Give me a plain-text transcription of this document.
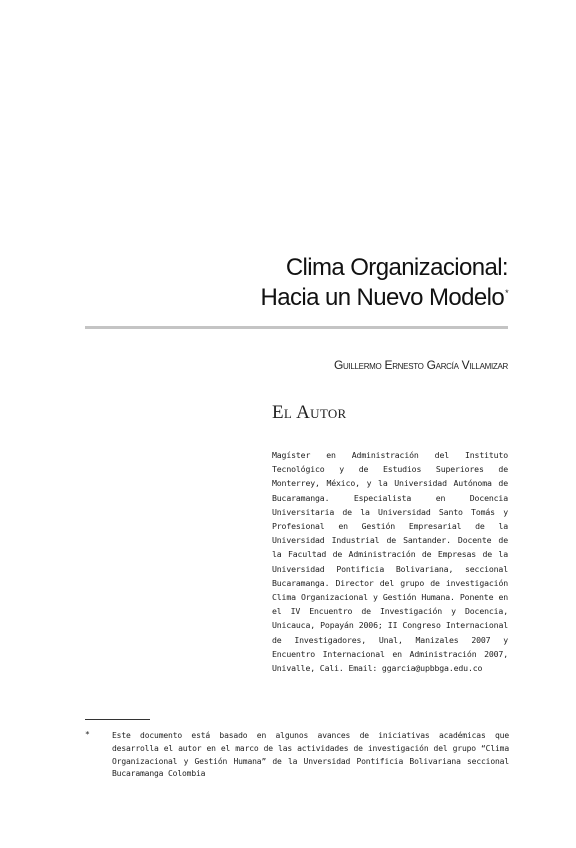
Clima Organizacional:
Hacia un Nuevo Modelo*
Guillermo Ernesto García Villamizar
El Autor
Magíster en Administración del Instituto Tecnológico y de Estudios Superiores de Monterrey, México, y la Universidad Autónoma de Bucaramanga. Especialista en Docencia Universitaria de la Universidad Santo Tomás y Profesional en Gestión Empresarial de la Universidad Industrial de Santander. Docente de la Facultad de Administración de Empresas de la Universidad Pontificia Bolivariana, seccional Bucaramanga. Director del grupo de investigación Clima Organizacional y Gestión Humana. Ponente en el IV Encuentro de Investigación y Docencia, Unicauca, Popayán 2006; II Congreso Internacional de Investigadores, Unal, Manizales 2007 y Encuentro Internacional en Administración 2007, Univalle, Cali. Email: ggarcia@upbbga.edu.co
*	Este documento está basado en algunos avances de iniciativas académicas que desarrolla el autor en el marco de las actividades de investigación del grupo “Clima Organizacional y Gestión Humana” de la Unversidad Pontificia Bolivariana seccional Bucaramanga Colombia
